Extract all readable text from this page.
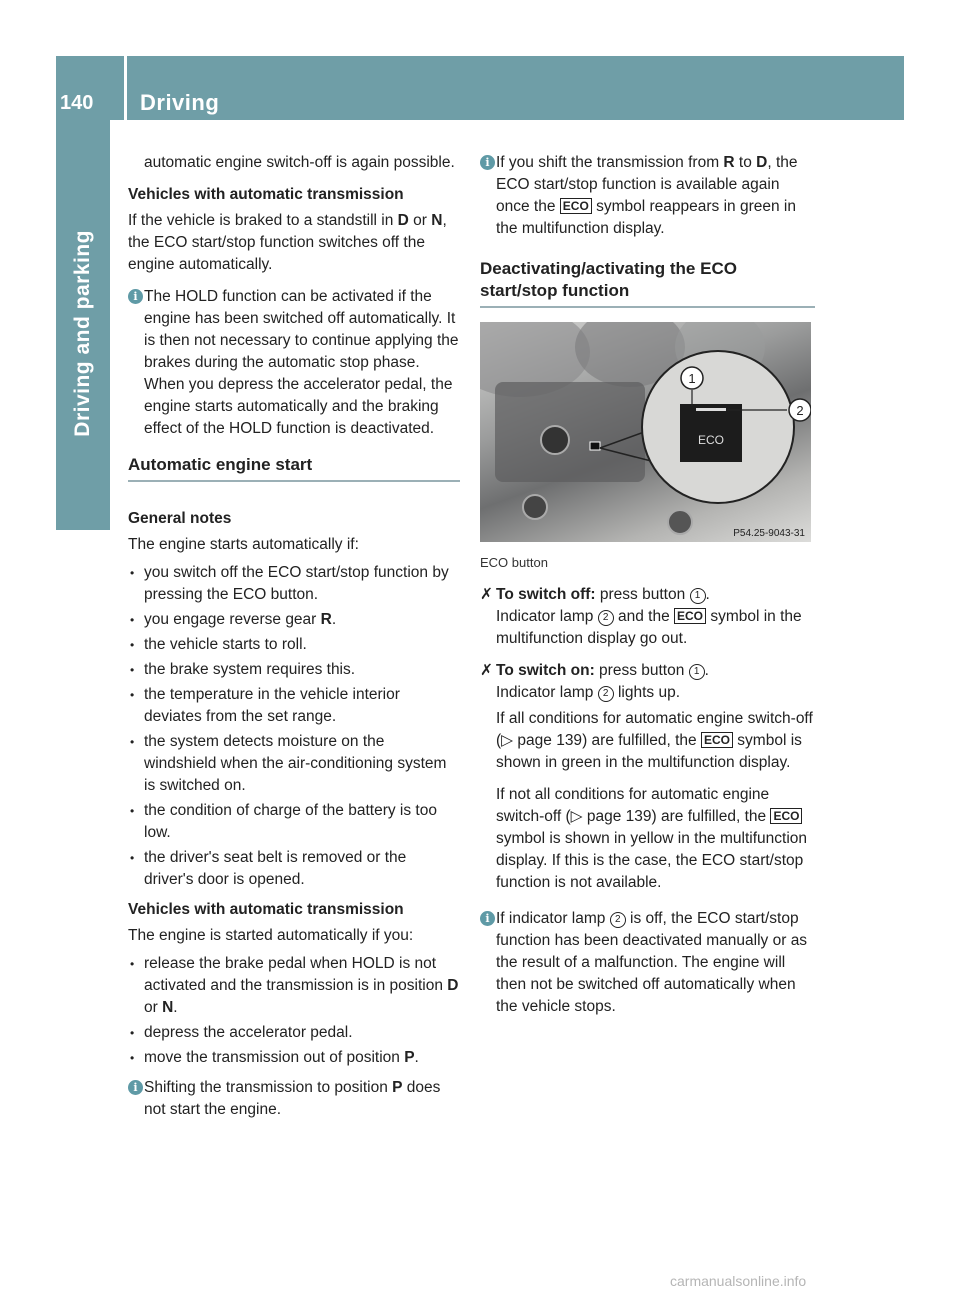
140	Driving
Driving and parking

automatic engine switch-off is again possible.

Vehicles with automatic transmission

If the vehicle is braked to a standstill in D or N, the ECO start/stop function switches off the engine automatically.

i The HOLD function can be activated if the engine has been switched off automatically. It is then not necessary to continue applying the brakes during the automatic stop phase. When you depress the accelerator pedal, the engine starts automatically and the braking effect of the HOLD function is deactivated.
Automatic engine start

General notes

The engine starts automatically if:

• you switch off the ECO start/stop function by pressing the ECO button.
• you engage reverse gear R.
• the vehicle starts to roll.
• the brake system requires this.
• the temperature in the vehicle interior deviates from the set range.
• the system detects moisture on the windshield when the air-conditioning system is switched on.
• the condition of charge of the battery is too low.
• the driver's seat belt is removed or the driver's door is opened.

Vehicles with automatic transmission

The engine is started automatically if you:

• release the brake pedal when HOLD is not activated and the transmission is in position D or N.
• depress the accelerator pedal.
• move the transmission out of position P.
i Shifting the transmission to position P does not start the engine.
i If you shift the transmission from R to D, the ECO start/stop function is available again once the ECO symbol reappears in green in the multifunction display.
Deactivating/activating the ECO start/stop function
1
2
ECO
P54.25-9043-31
ECO button
✗ To switch off: press button 1 .
Indicator lamp 2 and the ECO symbol in the multifunction display go out.
✗ To switch on: press button 1 .
Indicator lamp 2 lights up.

If all conditions for automatic engine switch-off (▷ page 139) are fulfilled, the ECO symbol is shown in green in the multifunction display.

If not all conditions for automatic engine switch-off (▷ page 139) are fulfilled, the ECO symbol is shown in yellow in the multifunction display. If this is the case, the ECO start/stop function is not available.

i If indicator lamp 2 is off, the ECO start/stop function has been deactivated manually or as the result of a malfunction. The engine will then not be switched off automatically when the vehicle stops.
carmanualsonline.info
